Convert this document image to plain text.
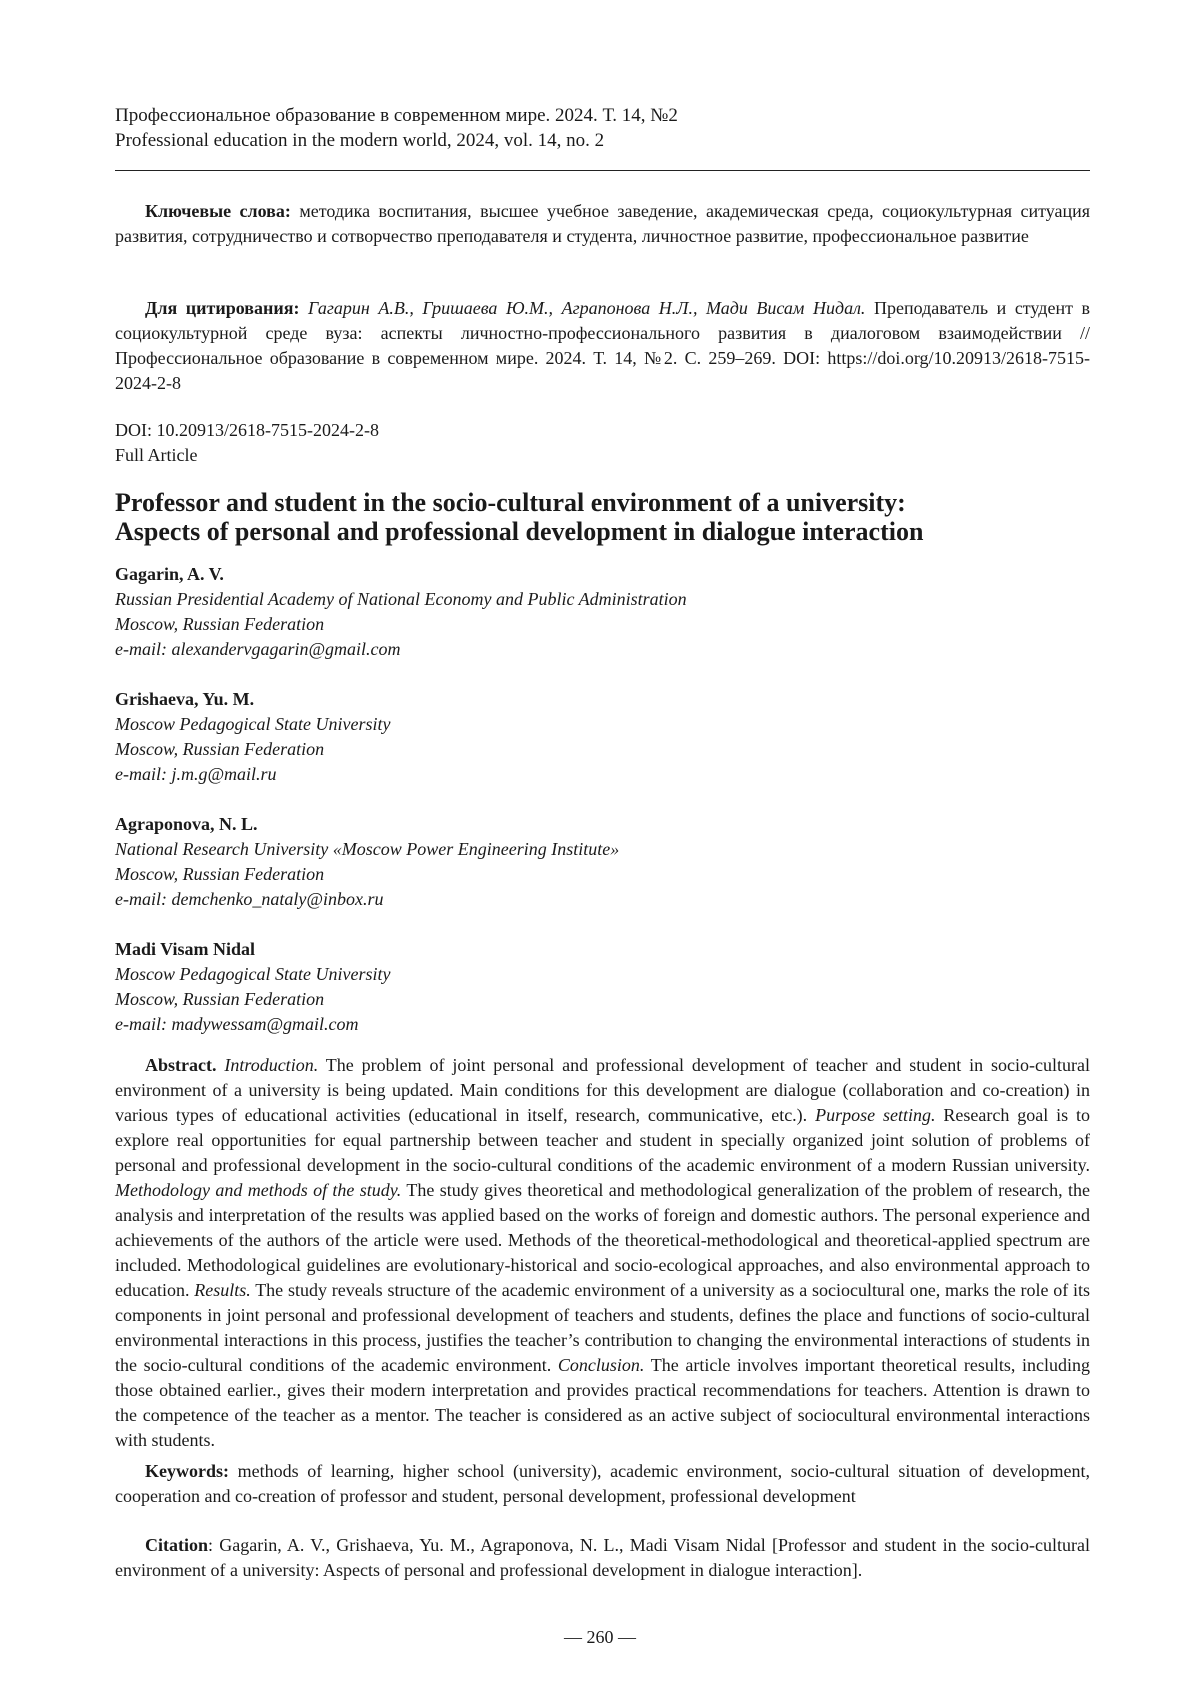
Профессиональное образование в современном мире. 2024. Т. 14, №2
Professional education in the modern world, 2024, vol. 14, no. 2

Ключевые слова: методика воспитания, высшее учебное заведение, академическая среда, социокультурная ситуация развития, сотрудничество и сотворчество преподавателя и студента, личностное развитие, профессиональное развитие

Для цитирования: Гагарин А.В., Гришаева Ю.М., Аграпонова Н.Л., Мади Висам Нидал. Преподаватель и студент в социокультурной среде вуза: аспекты личностно-профессионального развития в диалоговом взаимодействии // Профессиональное образование в современном мире. 2024. Т. 14, №2. С. 259–269. DOI: https://doi.org/10.20913/2618-7515-2024-2-8

DOI: 10.20913/2618-7515-2024-2-8
Full Article
Professor and student in the socio-cultural environment of a university:
Aspects of personal and professional development in dialogue interaction
Gagarin, A. V.
Russian Presidential Academy of National Economy and Public Administration
Moscow, Russian Federation
e-mail: alexandervgagarin@gmail.com
Grishaeva, Yu. M.
Moscow Pedagogical State University
Moscow, Russian Federation
e-mail: j.m.g@mail.ru
Agraponova, N. L.
National Research University «Moscow Power Engineering Institute»
Moscow, Russian Federation
e-mail: demchenko_nataly@inbox.ru
Madi Visam Nidal
Moscow Pedagogical State University
Moscow, Russian Federation
e-mail: madywessam@gmail.com

Abstract. Introduction. The problem of joint personal and professional development of teacher and student in socio-cultural environment of a university is being updated. Main conditions for this development are dialogue (collaboration and co-creation) in various types of educational activities (educational in itself, research, communicative, etc.). Purpose setting. Research goal is to explore real opportunities for equal partnership between teacher and student in specially organized joint solution of problems of personal and professional development in the socio-cultural conditions of the academic environment of a modern Russian university. Methodology and methods of the study. The study gives theoretical and methodological generalization of the problem of research, the analysis and interpretation of the results was applied based on the works of foreign and domestic authors. The personal experience and achievements of the authors of the article were used. Methods of the theoretical-methodological and theoretical-applied spectrum are included. Methodological guidelines are evolutionary-historical and socio-ecological approaches, and also environmental approach to education. Results. The study reveals structure of the academic environment of a university as a sociocultural one, marks the role of its components in joint personal and professional development of teachers and students, defines the place and functions of socio-cultural environmental interactions in this process, justifies the teacher’s contribution to changing the environmental interactions of students in the socio-cultural conditions of the academic environment. Conclusion. The article involves important theoretical results, including those obtained earlier., gives their modern interpretation and provides practical recommendations for teachers. Attention is drawn to the competence of the teacher as a mentor. The teacher is considered as an active subject of sociocultural environmental interactions with students.

Keywords: methods of learning, higher school (university), academic environment, socio-cultural situation of development, cooperation and co-creation of professor and student, personal development, professional development

Citation: Gagarin, A. V., Grishaeva, Yu. M., Agraponova, N. L., Madi Visam Nidal [Professor and student in the socio-cultural environment of a university: Aspects of personal and professional development in dialogue interaction].

— 260 —
